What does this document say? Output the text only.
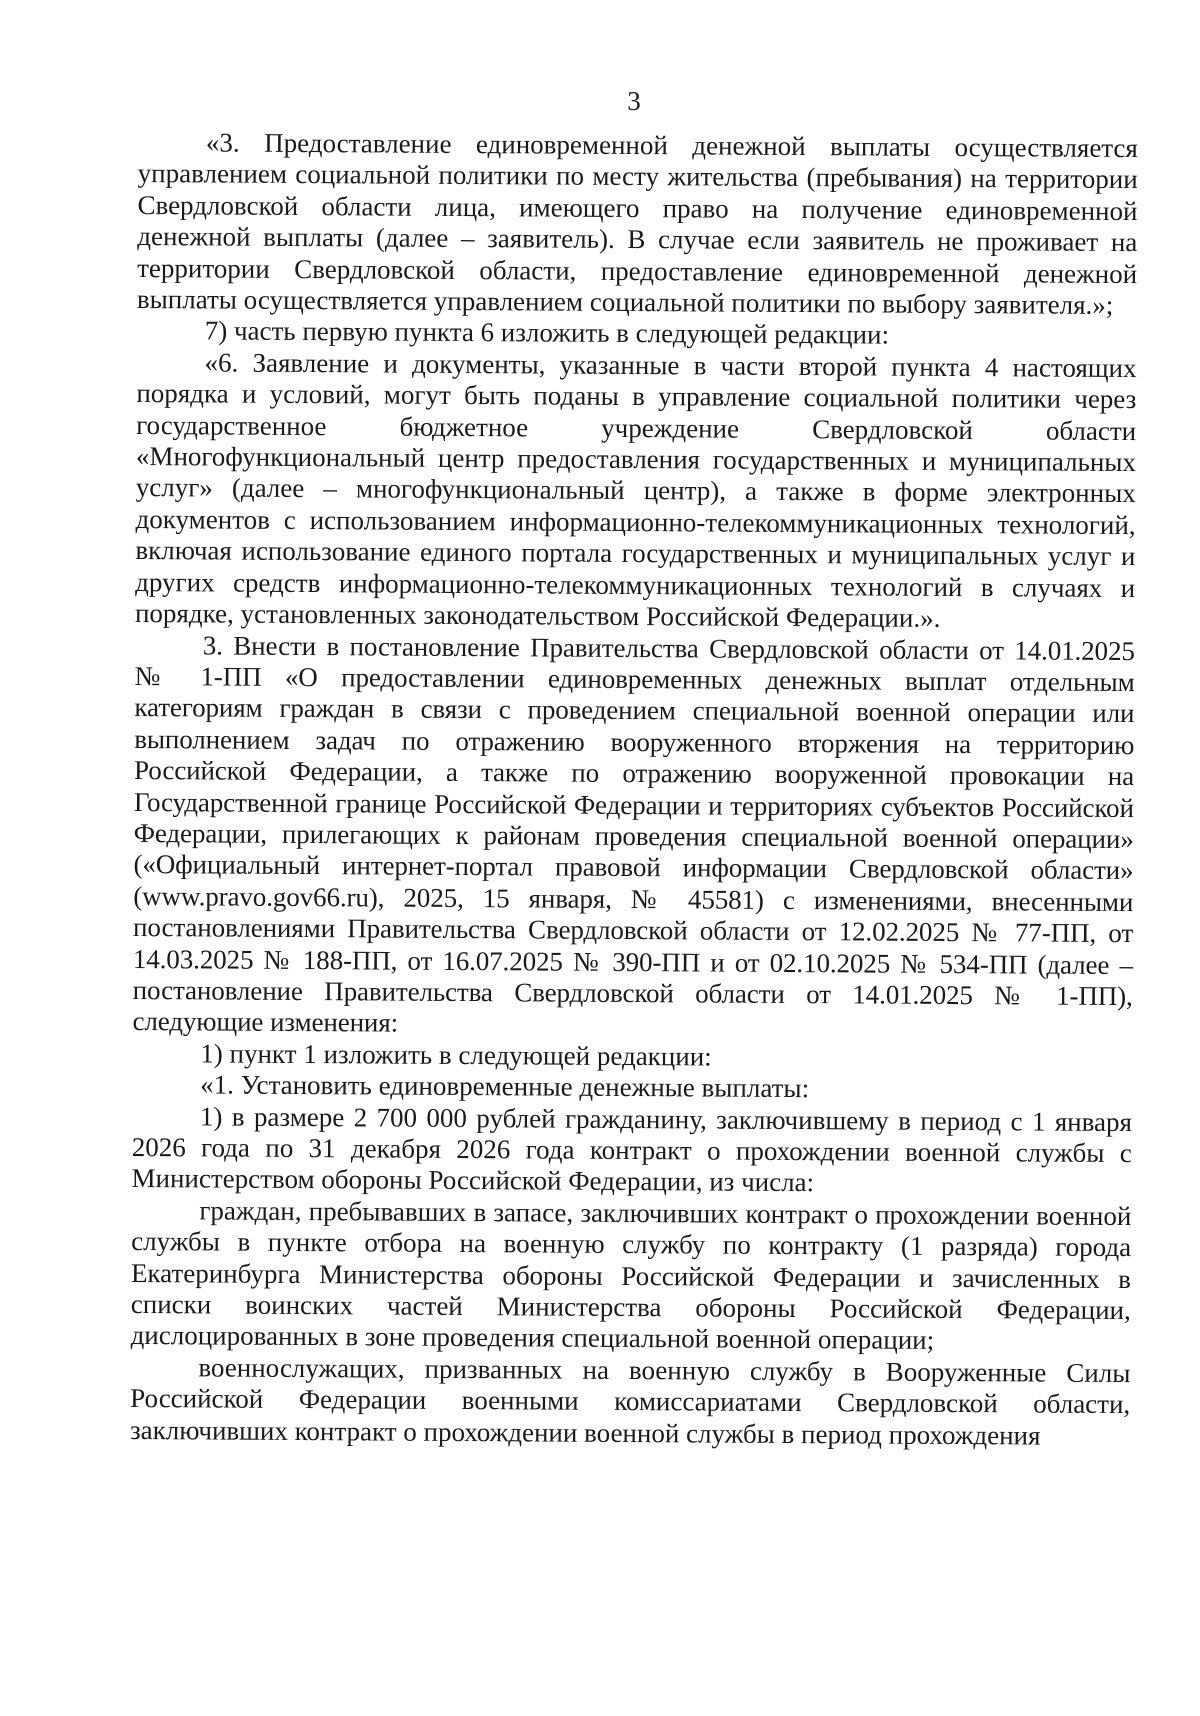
3

«3. Предоставление единовременной денежной выплаты осуществляется управлением социальной политики по месту жительства (пребывания) на территории Свердловской области лица, имеющего право на получение единовременной денежной выплаты (далее – заявитель). В случае если заявитель не проживает на территории Свердловской области, предоставление единовременной денежной выплаты осуществляется управлением социальной политики по выбору заявителя.»;

7) часть первую пункта 6 изложить в следующей редакции:

«6. Заявление и документы, указанные в части второй пункта 4 настоящих порядка и условий, могут быть поданы в управление социальной политики через государственное бюджетное учреждение Свердловской области «Многофункциональный центр предоставления государственных и муниципальных услуг» (далее – многофункциональный центр), а также в форме электронных документов с использованием информационно-телекоммуникационных технологий, включая использование единого портала государственных и муниципальных услуг и других средств информационно-телекоммуникационных технологий в случаях и порядке, установленных законодательством Российской Федерации.».

3. Внести в постановление Правительства Свердловской области от 14.01.2025 № 1-ПП «О предоставлении единовременных денежных выплат отдельным категориям граждан в связи с проведением специальной военной операции или выполнением задач по отражению вооруженного вторжения на территорию Российской Федерации, а также по отражению вооруженной провокации на Государственной границе Российской Федерации и территориях субъектов Российской Федерации, прилегающих к районам проведения специальной военной операции» («Официальный интернет-портал правовой информации Свердловской области» (www.pravo.gov66.ru), 2025, 15 января, № 45581) с изменениями, внесенными постановлениями Правительства Свердловской области от 12.02.2025 № 77-ПП, от 14.03.2025 № 188-ПП, от 16.07.2025 № 390-ПП и от 02.10.2025 № 534-ПП (далее – постановление Правительства Свердловской области от 14.01.2025 № 1-ПП), следующие изменения:

1) пункт 1 изложить в следующей редакции:

«1. Установить единовременные денежные выплаты:

1) в размере 2 700 000 рублей гражданину, заключившему в период с 1 января 2026 года по 31 декабря 2026 года контракт о прохождении военной службы с Министерством обороны Российской Федерации, из числа:

граждан, пребывавших в запасе, заключивших контракт о прохождении военной службы в пункте отбора на военную службу по контракту (1 разряда) города Екатеринбурга Министерства обороны Российской Федерации и зачисленных в списки воинских частей Министерства обороны Российской Федерации, дислоцированных в зоне проведения специальной военной операции;

военнослужащих, призванных на военную службу в Вооруженные Силы Российской Федерации военными комиссариатами Свердловской области, заключивших контракт о прохождении военной службы в период прохождения
